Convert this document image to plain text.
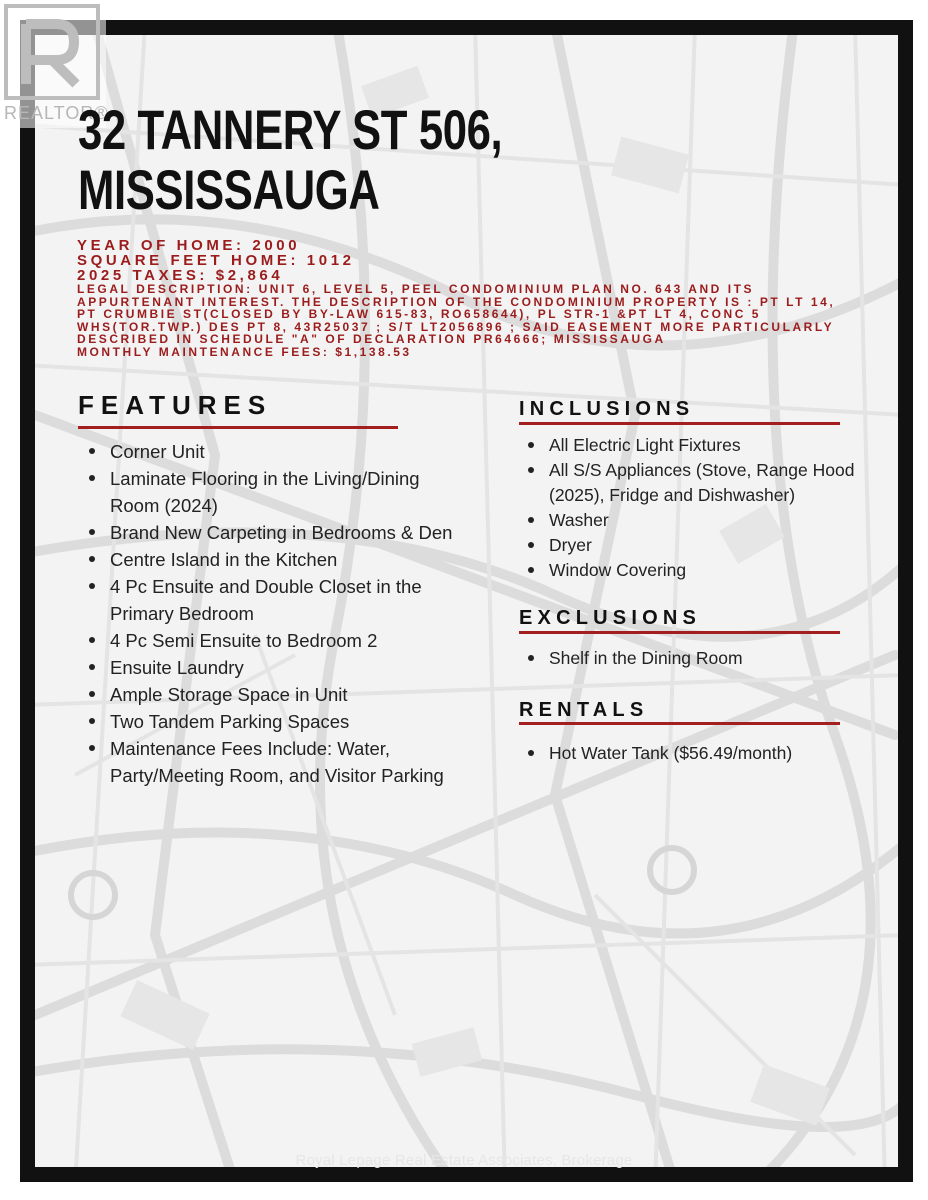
REALTOR®
32 TANNERY ST 506,
MISSISSAUGA
YEAR OF HOME: 2000
SQUARE FEET HOME: 1012
2025 TAXES: $2,864
LEGAL DESCRIPTION: UNIT 6, LEVEL 5, PEEL CONDOMINIUM PLAN NO. 643 AND ITS APPURTENANT INTEREST. THE DESCRIPTION OF THE CONDOMINIUM PROPERTY IS : PT LT 14, PT CRUMBIE ST(CLOSED BY BY-LAW 615-83, RO658644), PL STR-1 &PT LT 4, CONC 5 WHS(TOR.TWP.) DES PT 8, 43R25037 ; S/T LT2056896 ; SAID EASEMENT MORE PARTICULARLY DESCRIBED IN SCHEDULE "A" OF DECLARATION PR64666; MISSISSAUGA
MONTHLY MAINTENANCE FEES: $1,138.53
FEATURES
Corner Unit
Laminate Flooring in the Living/Dining Room (2024)
Brand New Carpeting in Bedrooms & Den
Centre Island in the Kitchen
4 Pc Ensuite and Double Closet in the Primary Bedroom
4 Pc Semi Ensuite to Bedroom 2
Ensuite Laundry
Ample Storage Space in Unit
Two Tandem Parking Spaces
Maintenance Fees Include: Water, Party/Meeting Room, and Visitor Parking
INCLUSIONS
All Electric Light Fixtures
All S/S Appliances (Stove, Range Hood (2025), Fridge and Dishwasher)
Washer
Dryer
Window Covering
EXCLUSIONS
Shelf in the Dining Room
RENTALS
Hot Water Tank ($56.49/month)
Royal Lepage Real Estate Associates, Brokerage
